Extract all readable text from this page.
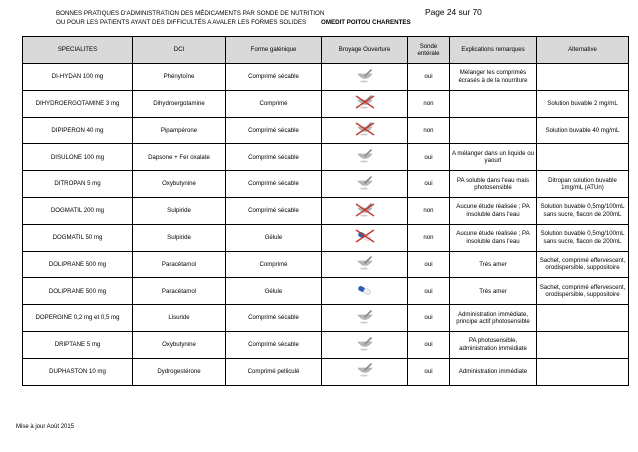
BONNES PRATIQUES D'ADMINISTRATION DES MÉDICAMENTS PAR SONDE DE NUTRITION
OU POUR LES PATIENTS AYANT DES DIFFICULTÉS A AVALER LES FORMES SOLIDES
Page 24 sur 70
OMEDIT POITOU CHARENTES
SPECIALITES	DCI	Forme galénique	Broyage Ouverture	Sonde entérale	Explications remarques	Alternative
DI-HYDAN 100 mg	Phénytoïne	Comprimé sécable		oui	Mélanger les comprimés écrasés à de la nourriture	
DIHYDROERGOTAMINE 3 mg	Dihydroergotamine	Comprimé		non		Solution buvable 2 mg/mL
DIPIPERON 40 mg	Pipampérone	Comprimé sécable		non		Solution buvable 40 mg/mL
DISULONE 100 mg	Dapsone + Fer oxalate	Comprimé sécable		oui	A mélanger dans un liquide ou yaourt	
DITROPAN 5 mg	Oxybutynine	Comprimé sécable		oui	PA soluble dans l'eau mais photosensible	Ditropan solution buvable 1mg/mL (ATUn)
DOGMATIL 200 mg	Sulpiride	Comprimé sécable		non	Aucune étude réalisée ; PA insoluble dans l'eau	Solution buvable 0,5mg/100mL sans sucre, flacon de 200mL
DOGMATIL 50 mg	Sulpiride	Gélule		non	Aucune étude réalisée ; PA insoluble dans l'eau	Solution buvable 0,5mg/100mL sans sucre, flacon de 200mL
DOLIPRANE 500 mg	Paracétamol	Comprimé		oui	Très amer	Sachet, comprimé effervescent, orodispersible, suppositoire
DOLIPRANE 500 mg	Paracétamol	Gélule		oui	Très amer	Sachet, comprimé effervescent, orodispersible, suppositoire
DOPERGINE 0,2 mg et 0,5 mg	Lisuride	Comprimé sécable		oui	Administration immédiate, principe actif photosensible	
DRIPTANE 5 mg	Oxybutynine	Comprimé sécable		oui	PA photosensible, administration immédiate	
DUPHASTON 10 mg	Dydrogestérone	Comprimé pelliculé		oui	Administration immédiate	
Mise à jour Août 2015
